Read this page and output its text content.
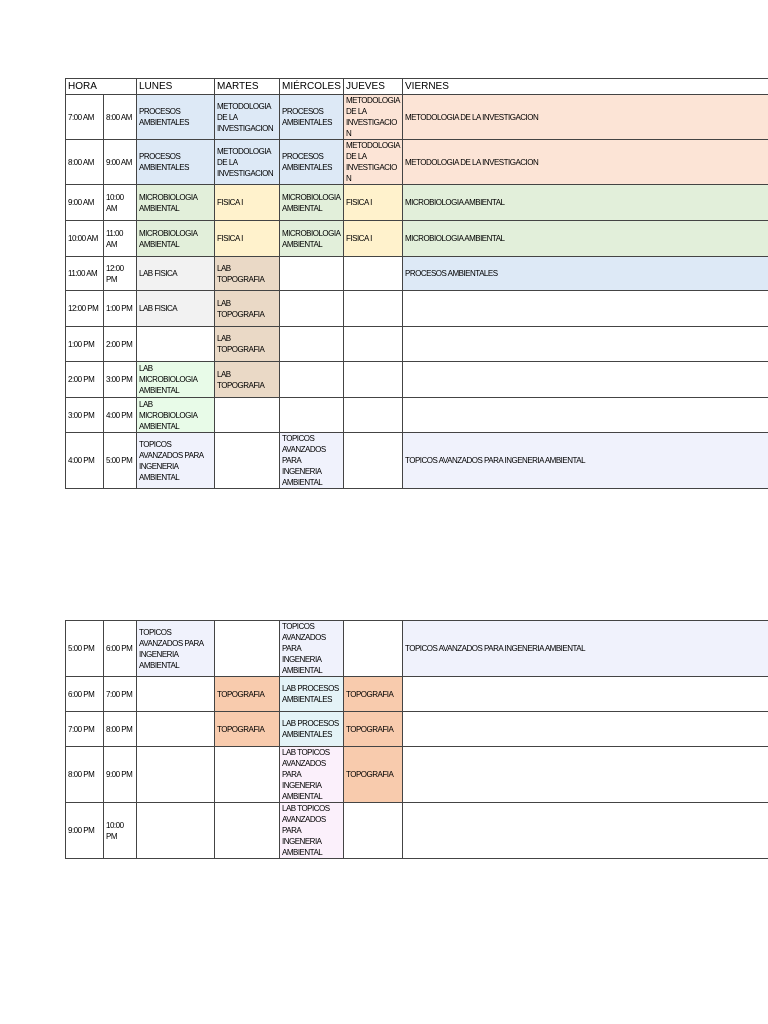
HORA		LUNES	MARTES	MIÉRCOLES	JUEVES	VIERNES
7:00 AM	8:00 AM	PROCESOS AMBIENTALES	METODOLOGIA DE LA INVESTIGACION	PROCESOS AMBIENTALES	METODOLOGIA DE LA INVESTIGACION	METODOLOGIA DE LA INVESTIGACION
8:00 AM	9:00 AM	PROCESOS AMBIENTALES	METODOLOGIA DE LA INVESTIGACION	PROCESOS AMBIENTALES	METODOLOGIA DE LA INVESTIGACION	METODOLOGIA DE LA INVESTIGACION
9:00 AM	10:00 AM	MICROBIOLOGIA AMBIENTAL	FISICA I	MICROBIOLOGIA AMBIENTAL	FISICA I	MICROBIOLOGIA AMBIENTAL
10:00 AM	11:00 AM	MICROBIOLOGIA AMBIENTAL	FISICA I	MICROBIOLOGIA AMBIENTAL	FISICA I	MICROBIOLOGIA AMBIENTAL
11:00 AM	12:00 PM	LAB FISICA	LAB TOPOGRAFIA			PROCESOS AMBIENTALES
12:00 PM	1:00 PM	LAB FISICA	LAB TOPOGRAFIA			
1:00 PM	2:00 PM		LAB TOPOGRAFIA			
2:00 PM	3:00 PM	LAB MICROBIOLOGIA AMBIENTAL	LAB TOPOGRAFIA			
3:00 PM	4:00 PM	LAB MICROBIOLOGIA AMBIENTAL				
4:00 PM	5:00 PM	TOPICOS AVANZADOS PARA INGENERIA AMBIENTAL		TOPICOS AVANZADOS PARA INGENERIA AMBIENTAL		TOPICOS AVANZADOS PARA INGENERIA AMBIENTAL
5:00 PM	6:00 PM	TOPICOS AVANZADOS PARA INGENERIA AMBIENTAL		TOPICOS AVANZADOS PARA INGENERIA AMBIENTAL		TOPICOS AVANZADOS PARA INGENERIA AMBIENTAL
6:00 PM	7:00 PM		TOPOGRAFIA	LAB PROCESOS AMBIENTALES	TOPOGRAFIA	
7:00 PM	8:00 PM		TOPOGRAFIA	LAB PROCESOS AMBIENTALES	TOPOGRAFIA	
8:00 PM	9:00 PM			LAB TOPICOS AVANZADOS PARA INGENERIA AMBIENTAL	TOPOGRAFIA	
9:00 PM	10:00 PM			LAB TOPICOS AVANZADOS PARA INGENERIA AMBIENTAL		
